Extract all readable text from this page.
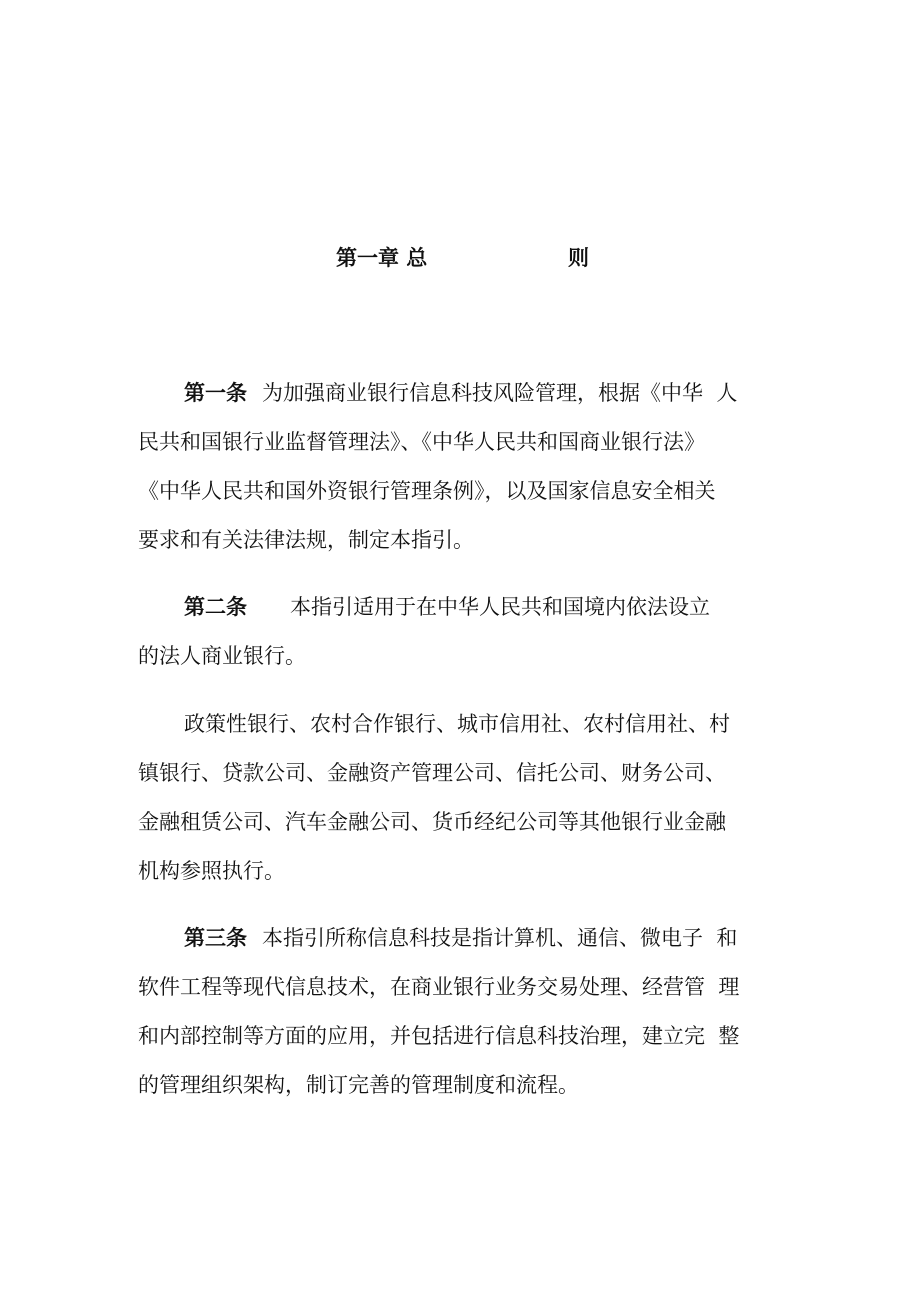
第一章 总	则
第一条 为加强商业银行信息科技风险管理，根据《中华  人
民共和国银行业监督管理法》、《中华人民共和国商业银行法》
《中华人民共和国外资银行管理条例》，以及国家信息安全相关
要求和有关法律法规，制定本指引。
第二条 本指引适用于在中华人民共和国境内依法设立
的法人商业银行。
政策性银行、农村合作银行、城市信用社、农村信用社、村
镇银行、贷款公司、金融资产管理公司、信托公司、财务公司、
金融租赁公司、汽车金融公司、货币经纪公司等其他银行业金融
机构参照执行。
第三条 本指引所称信息科技是指计算机、通信、微电子  和
软件工程等现代信息技术，在商业银行业务交易处理、经营管  理
和内部控制等方面的应用，并包括进行信息科技治理，建立完  整
的管理组织架构，制订完善的管理制度和流程。
